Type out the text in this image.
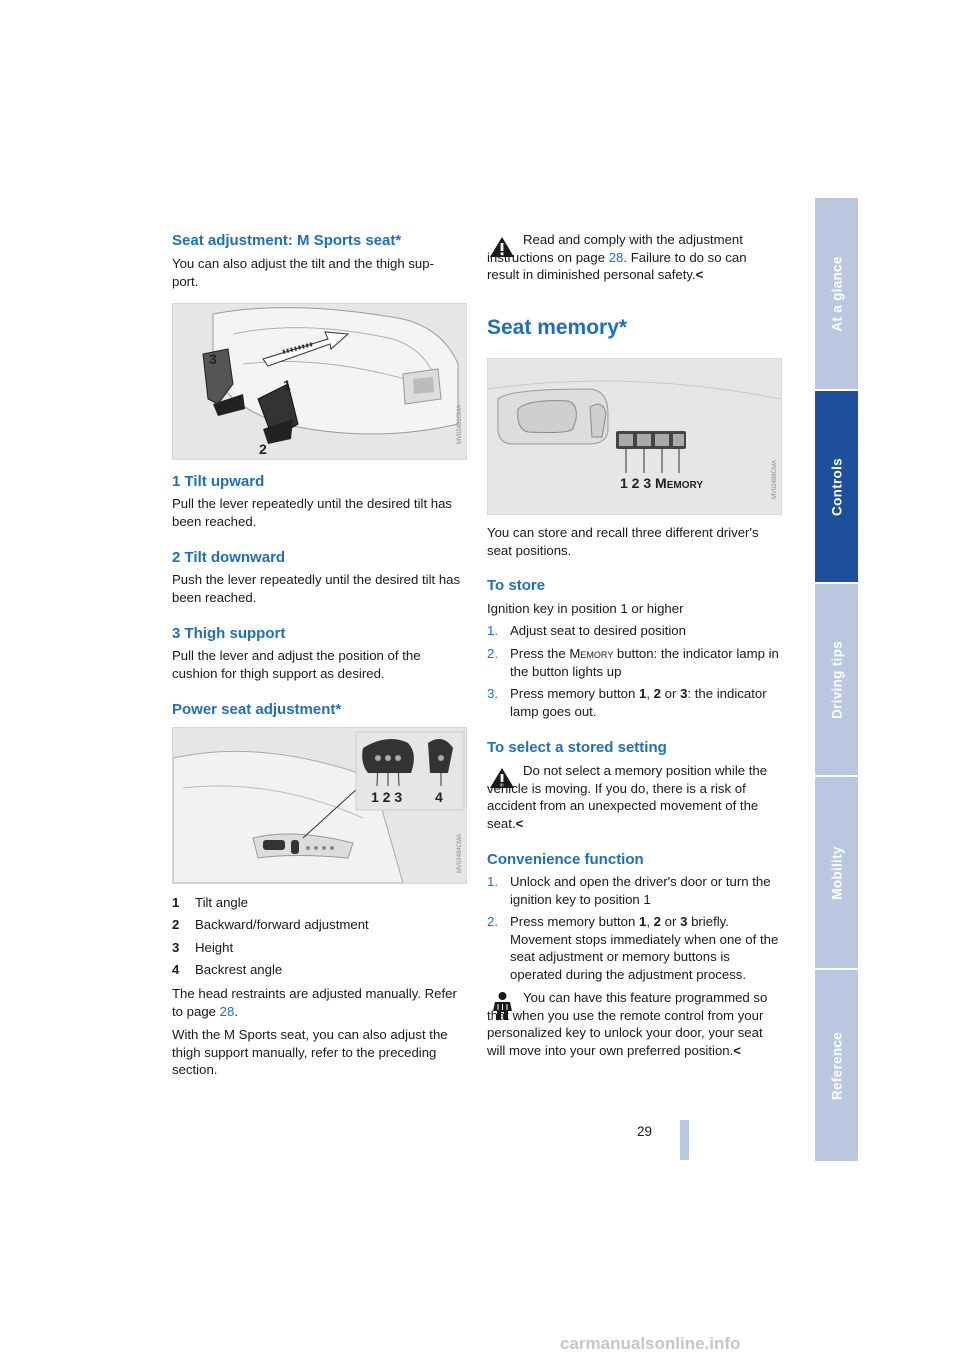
Seat adjustment: M Sports seat*

You can also adjust the tilt and the thigh sup-
port.

3
1
2
MV02481CMA
1 Tilt upward

Pull the lever repeatedly until the desired tilt has been reached.

2 Tilt downward

Push the lever repeatedly until the desired tilt has been reached.

3 Thigh support

Pull the lever and adjust the position of the cushion for thigh support as desired.

Power seat adjustment*
1 2 3 4
MV02484CMA
1 Tilt angle
2 Backward/forward adjustment
3 Height
4 Backrest angle

The head restraints are adjusted manually. Refer to page 28.

With the M Sports seat, you can also adjust the thigh support manually, refer to the preceding section.

Read and comply with the adjustment instructions on page 28. Failure to do so can result in diminished personal safety.<

Seat memory*
1 2 3 Memory	MV02488CMA

You can store and recall three different driver's seat positions.

To store

Ignition key in position 1 or higher

1. Adjust seat to desired position
2. Press the Memory button: the indicator lamp in the button lights up
3. Press memory button 1, 2 or 3: the indicator lamp goes out.
To select a stored setting

Do not select a memory position while the vehicle is moving. If you do, there is a risk of accident from an unexpected movement of the seat.<

Convenience function
1. Unlock and open the driver's door or turn the ignition key to position 1
2. Press memory button 1, 2 or 3 briefly. Movement stops immediately when one of the seat adjustment or memory buttons is operated during the adjustment process.

You can have this feature programmed so that when you use the remote control from your personalized key to unlock your door, your seat will move into your own preferred position.<

29
At a glance
Controls
Driving tips
Mobility
Reference
carmanualsonline.info
